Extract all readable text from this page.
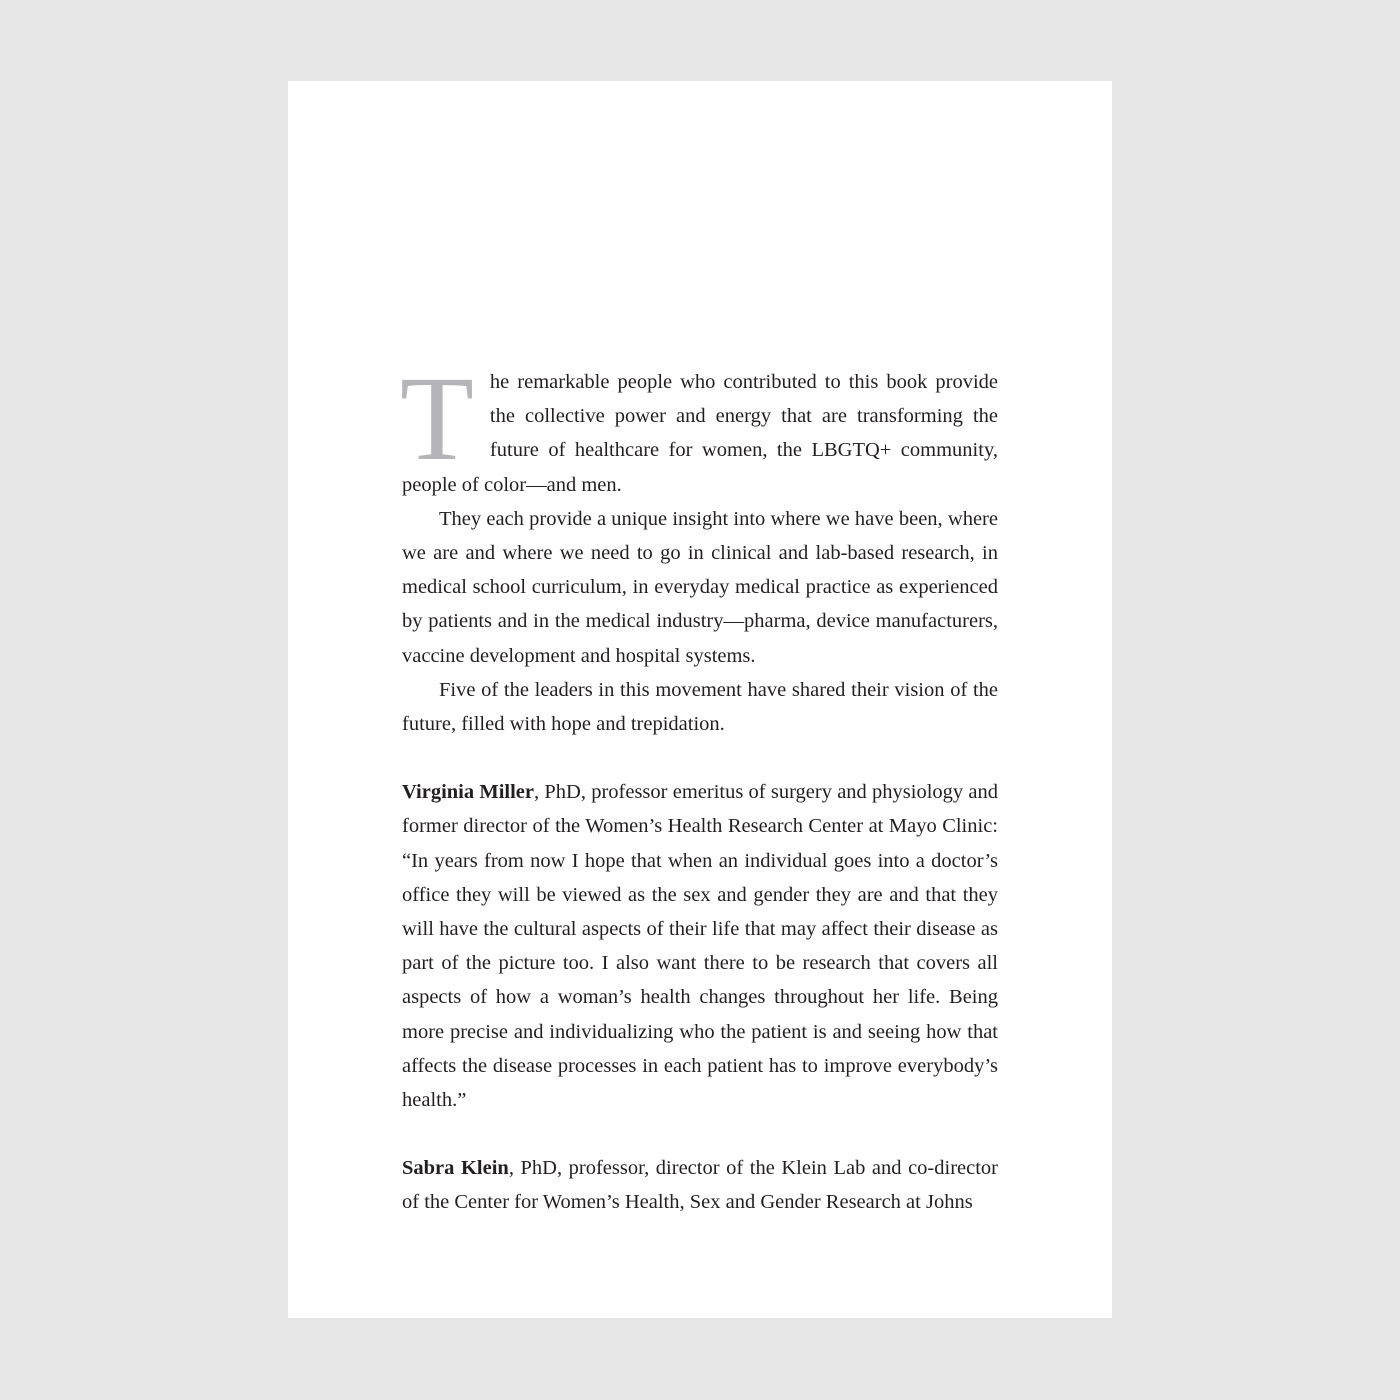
The remarkable people who contributed to this book provide the collective power and energy that are transforming the future of healthcare for women, the LBGTQ+ community, people of color—and men.

They each provide a unique insight into where we have been, where we are and where we need to go in clinical and lab-based research, in medical school curriculum, in everyday medical practice as experienced by patients and in the medical industry—pharma, device manufacturers, vaccine development and hospital systems.

Five of the leaders in this movement have shared their vision of the future, filled with hope and trepidation.

Virginia Miller, PhD, professor emeritus of surgery and physiology and former director of the Women’s Health Research Center at Mayo Clinic: “In years from now I hope that when an individual goes into a doctor’s office they will be viewed as the sex and gender they are and that they will have the cultural aspects of their life that may affect their disease as part of the picture too. I also want there to be research that covers all aspects of how a woman’s health changes throughout her life. Being more precise and individualizing who the patient is and seeing how that affects the disease processes in each patient has to improve everybody’s health.”

Sabra Klein, PhD, professor, director of the Klein Lab and co-director of the Center for Women’s Health, Sex and Gender Research at Johns
